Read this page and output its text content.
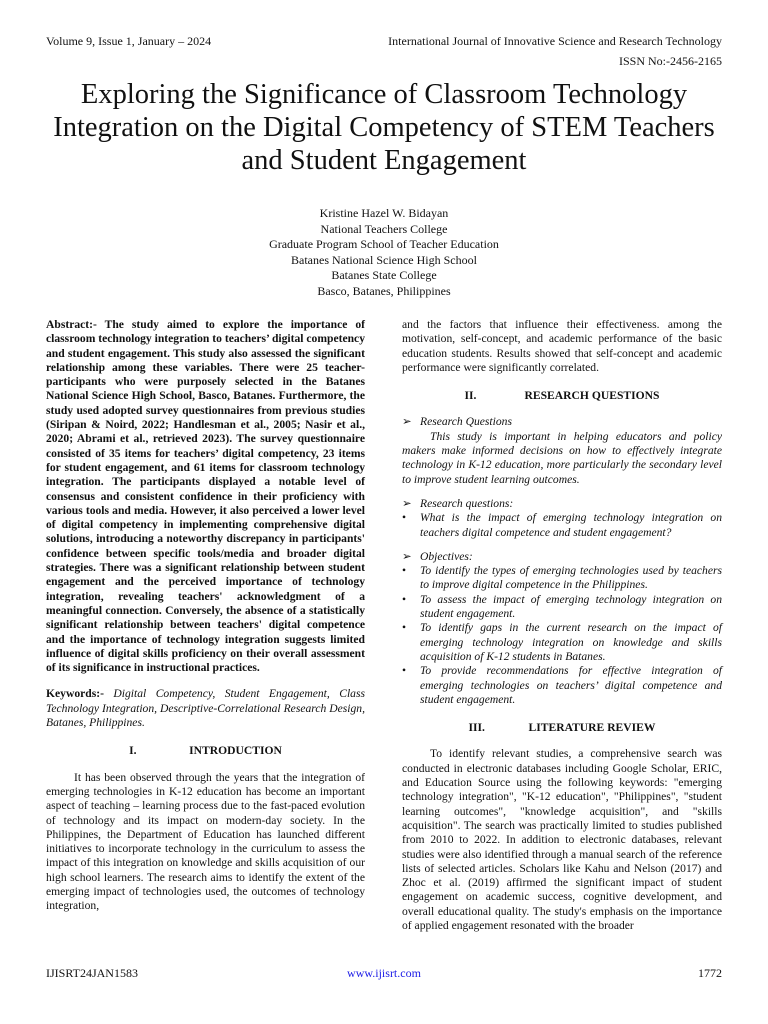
Volume 9, Issue 1, January – 2024	International Journal of Innovative Science and Research Technology
ISSN No:-2456-2165
Exploring the Significance of Classroom Technology Integration on the Digital Competency of STEM Teachers and Student Engagement
Kristine Hazel W. Bidayan
National Teachers College
Graduate Program School of Teacher Education
Batanes National Science High School
Batanes State College
Basco, Batanes, Philippines

Abstract:- The study aimed to explore the importance of classroom technology integration to teachers’ digital competency and student engagement. This study also assessed the significant relationship among these variables. There were 25 teacher-participants who were purposely selected in the Batanes National Science High School, Basco, Batanes. Furthermore, the study used adopted survey questionnaires from previous studies (Siripan & Noird, 2022; Handlesman et al., 2005; Nasir et al., 2020; Abrami et al., retrieved 2023). The survey questionnaire consisted of 35 items for teachers’ digital competency, 23 items for student engagement, and 61 items for classroom technology integration. The participants displayed a notable level of consensus and consistent confidence in their proficiency with various tools and media. However, it also perceived a lower level of digital competency in implementing comprehensive digital solutions, introducing a noteworthy discrepancy in participants' confidence between specific tools/media and broader digital strategies. There was a significant relationship between student engagement and the perceived importance of technology integration, revealing teachers' acknowledgment of a meaningful connection. Conversely, the absence of a statistically significant relationship between teachers' digital competence and the importance of technology integration suggests limited influence of digital skills proficiency on their overall assessment of its significance in instructional practices.

Keywords:- Digital Competency, Student Engagement, Class Technology Integration, Descriptive-Correlational Research Design, Batanes, Philippines.

I.	INTRODUCTION

It has been observed through the years that the integration of emerging technologies in K-12 education has become an important aspect of teaching – learning process due to the fast-paced evolution of technology and its impact on modern-day society. In the Philippines, the Department of Education has launched different initiatives to incorporate technology in the curriculum to assess the impact of this integration on knowledge and skills acquisition of our high school learners. The research aims to identify the extent of the emerging impact of technologies used, the outcomes of technology integration,

and the factors that influence their effectiveness. among the motivation, self-concept, and academic performance of the basic education students. Results showed that self-concept and academic performance were significantly correlated.

II.	RESEARCH QUESTIONS
➢ Research Questions

This study is important in helping educators and policy makers make informed decisions on how to effectively integrate technology in K-12 education, more particularly the secondary level to improve student learning outcomes.

➢ Research questions:
•	What is the impact of emerging technology integration on teachers digital competence and student engagement?
➢ Objectives:
•	To identify the types of emerging technologies used by teachers to improve digital competence in the Philippines.
•	To assess the impact of emerging technology integration on student engagement.
•	To identify gaps in the current research on the impact of emerging technology integration on knowledge and skills acquisition of K-12 students in Batanes.
•	To provide recommendations for effective integration of emerging technologies on teachers’ digital competence and student engagement.
III.	LITERATURE REVIEW

To identify relevant studies, a comprehensive search was conducted in electronic databases including Google Scholar, ERIC, and Education Source using the following keywords: "emerging technology integration", "K-12 education", "Philippines", "student learning outcomes", "knowledge acquisition", and "skills acquisition". The search was practically limited to studies published from 2010 to 2022. In addition to electronic databases, relevant studies were also identified through a manual search of the reference lists of selected articles. Scholars like Kahu and Nelson (2017) and Zhoc et al. (2019) affirmed the significant impact of student engagement on academic success, cognitive development, and overall educational quality. The study's emphasis on the importance of applied engagement resonated with the broader

IJISRT24JAN1583	www.ijisrt.com	1772
